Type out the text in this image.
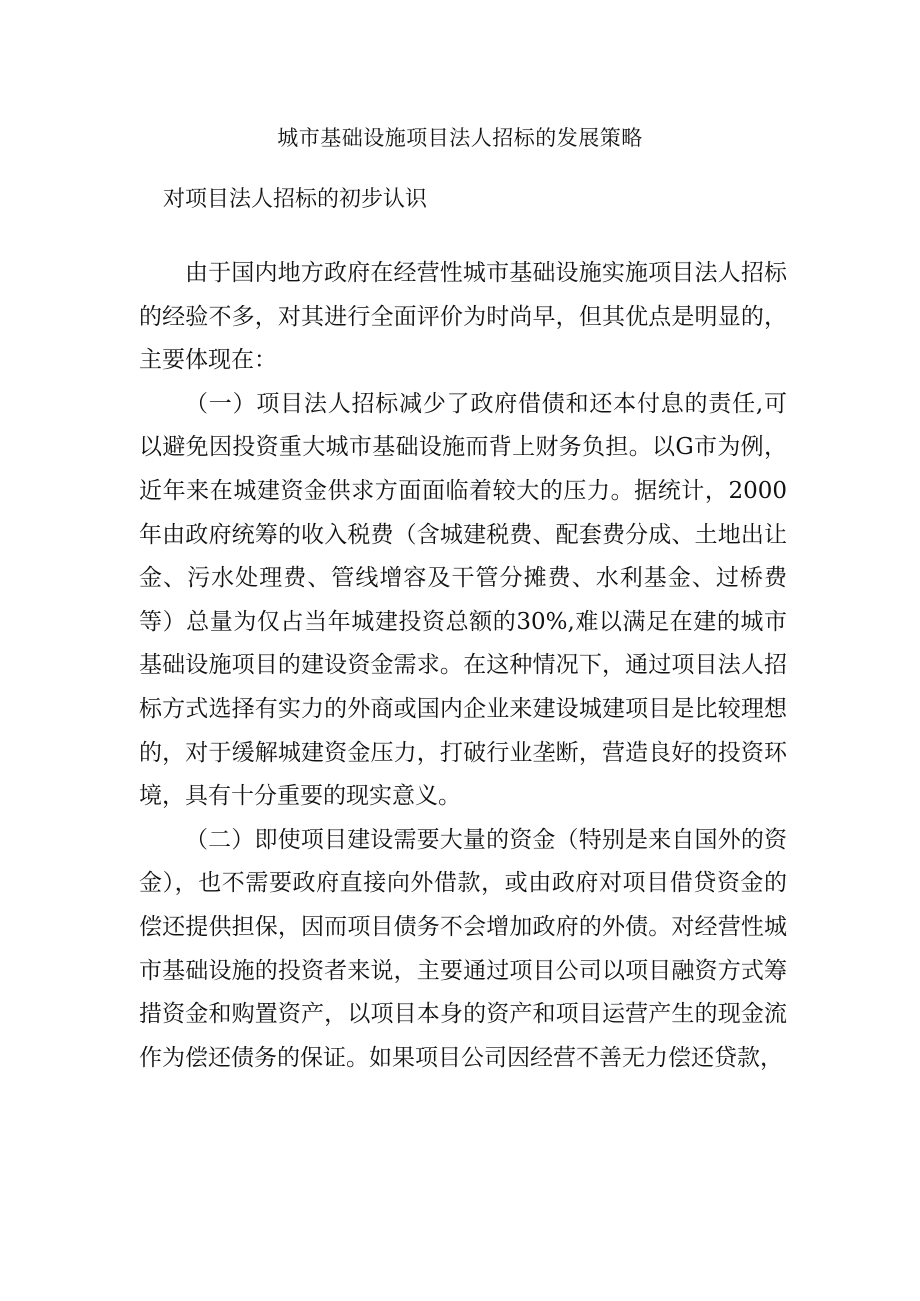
城市基础设施项目法人招标的发展策略
对项目法人招标的初步认识

由于国内地方政府在经营性城市基础设施实施项目法人招标的经验不多，对其进行全面评价为时尚早，但其优点是明显的，主要体现在：

（一）项目法人招标减少了政府借债和还本付息的责任,可以避免因投资重大城市基础设施而背上财务负担。以G市为例，近年来在城建资金供求方面面临着较大的压力。据统计，2000年由政府统筹的收入税费（含城建税费、配套费分成、土地出让金、污水处理费、管线增容及干管分摊费、水利基金、过桥费等）总量为仅占当年城建投资总额的30%,难以满足在建的城市基础设施项目的建设资金需求。在这种情况下，通过项目法人招标方式选择有实力的外商或国内企业来建设城建项目是比较理想的，对于缓解城建资金压力，打破行业垄断，营造良好的投资环境，具有十分重要的现实意义。

（二）即使项目建设需要大量的资金（特别是来自国外的资金），也不需要政府直接向外借款，或由政府对项目借贷资金的偿还提供担保，因而项目债务不会增加政府的外债。对经营性城市基础设施的投资者来说，主要通过项目公司以项目融资方式筹措资金和购置资产，以项目本身的资产和项目运营产生的现金流作为偿还债务的保证。如果项目公司因经营不善无力偿还贷款，
